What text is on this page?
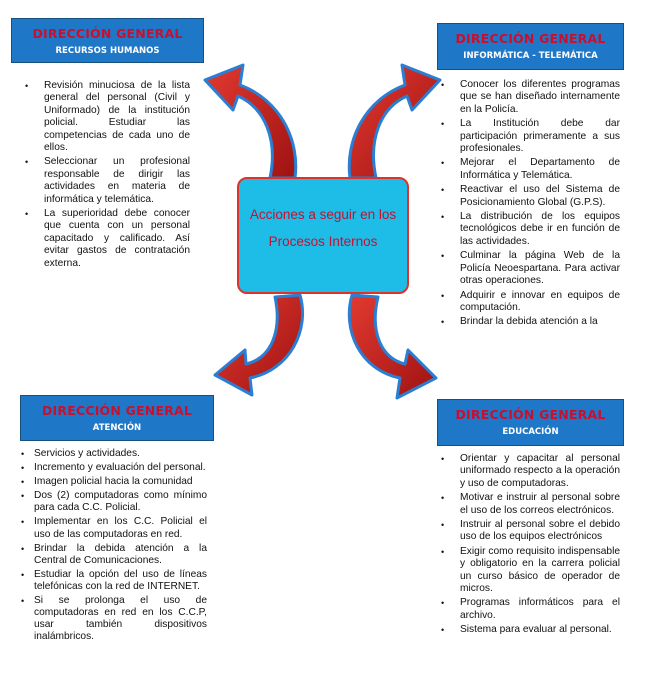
DIRECCIÓN GENERAL
RECURSOS HUMANOS
• Revisión minuciosa de la lista general del personal (Civil y Uniformado) de la institución policial. Estudiar las competencias de cada uno de ellos.
• Seleccionar un profesional responsable de dirigir las actividades en materia de informática y telemática.
• La superioridad debe conocer que cuenta con un personal capacitado y calificado. Así evitar gastos de contratación externa.
DIRECCIÓN GENERAL
INFORMÁTICA - TELEMÁTICA
• Conocer los diferentes programas que se han diseñado internamente en la Policía.
• La Institución debe dar participación primeramente a sus profesionales.
• Mejorar el Departamento de Informática y Telemática.
• Reactivar el uso del Sistema de Posicionamiento Global (G.P.S).
• La distribución de los equipos tecnológicos debe ir en función de las actividades.
• Culminar la página Web de la Policía Neoespartana. Para activar otras operaciones.
• Adquirir e innovar en equipos de computación.
• Brindar la debida atención a la
Acciones a seguir en los
Procesos Internos
DIRECCIÓN GENERAL
ATENCIÓN
• Servicios y actividades.
• Incremento y evaluación del personal.
• Imagen policial hacia la comunidad
• Dos (2) computadoras como mínimo para cada C.C. Policial.
• Implementar en los C.C. Policial el uso de las computadoras en red.
• Brindar la debida atención a la Central de Comunicaciones.
• Estudiar la opción del uso de líneas telefónicas con la red de INTERNET.
• Si se prolonga el uso de computadoras en red en los C.C.P, usar también dispositivos inalámbricos.
DIRECCIÓN GENERAL
EDUCACIÓN
• Orientar y capacitar al personal uniformado respecto a la operación y uso de computadoras.
• Motivar e instruir al personal sobre el uso de los correos electrónicos.
• Instruir al personal sobre el debido uso de los equipos electrónicos
• Exigir como requisito indispensable y obligatorio en la carrera policial un curso básico de operador de micros.
• Programas informáticos para el archivo.
• Sistema para evaluar al personal.
